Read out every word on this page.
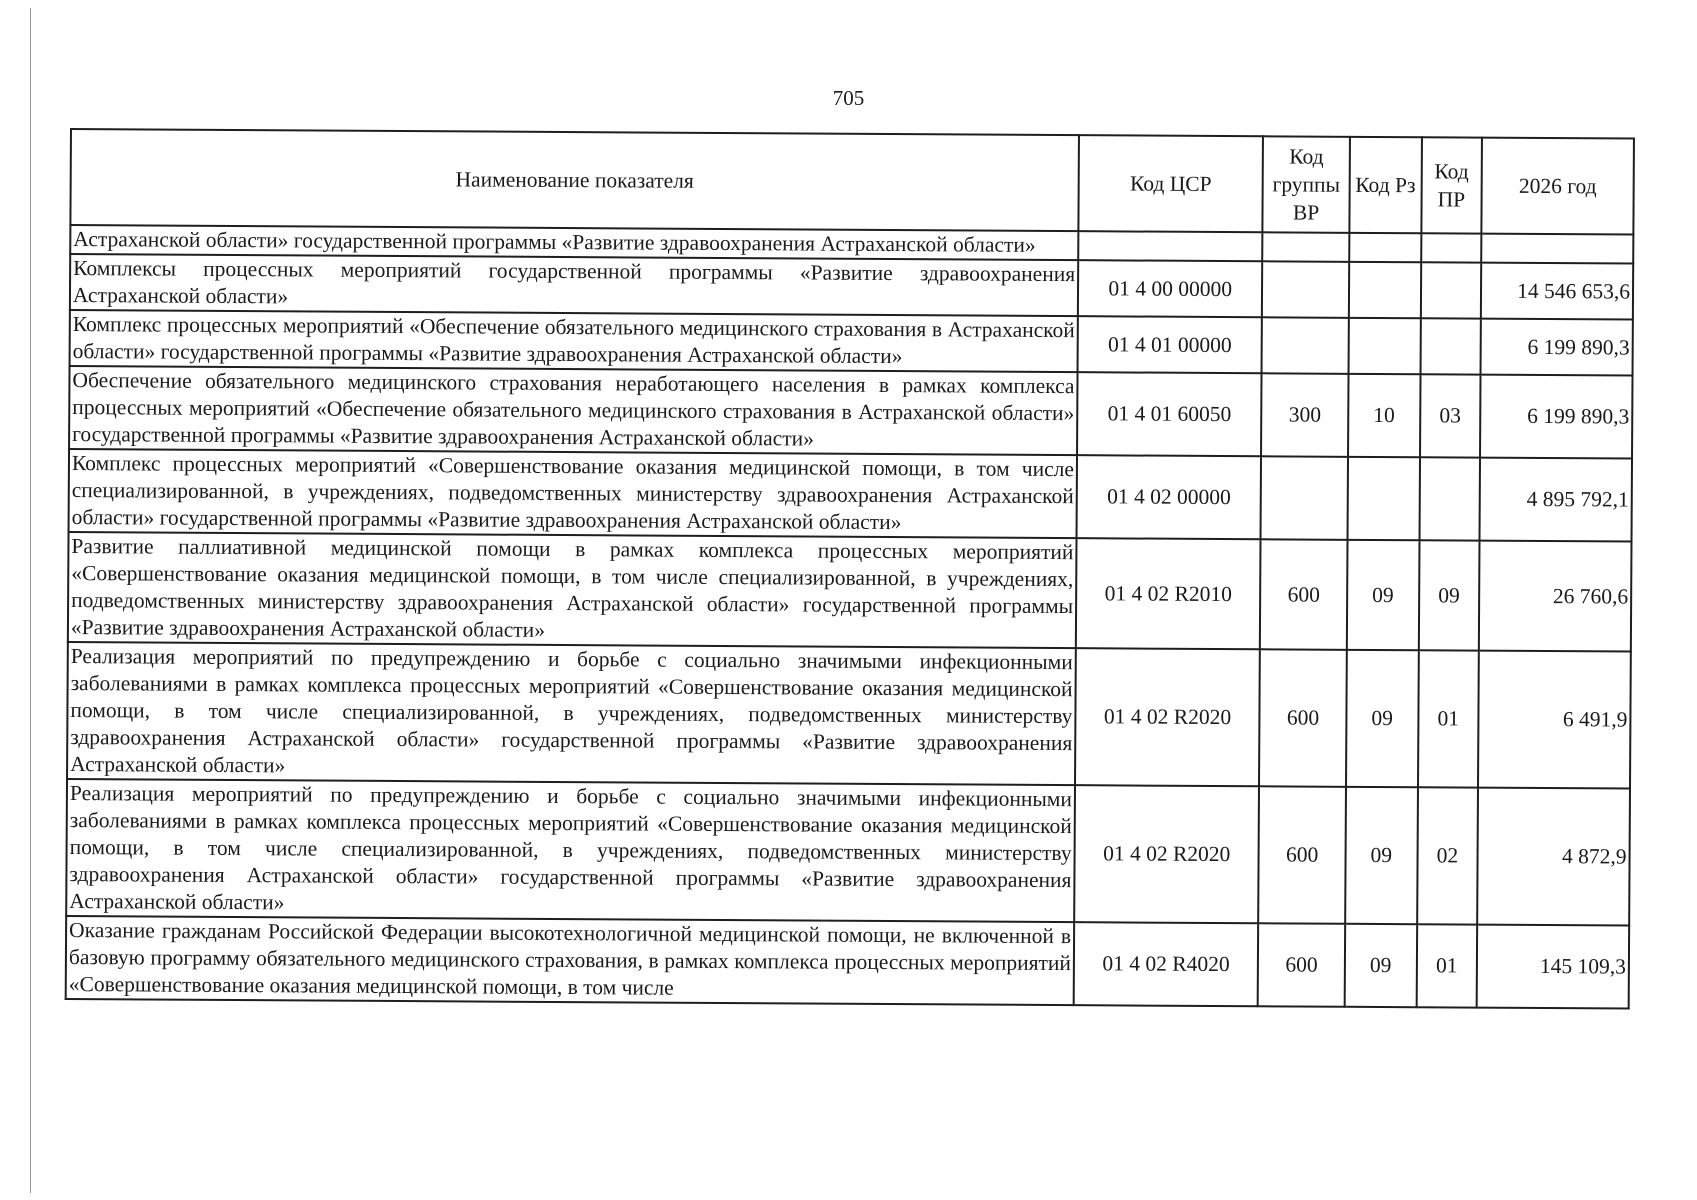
705
Наименование показателя	Код ЦСР	Код группы ВР	Код Рз	Код ПР	2026 год
Астраханской области» государственной программы «Развитие здравоохранения Астраханской области»					
Комплексы процессных мероприятий государственной программы «Развитие здравоохранения Астраханской области»	01 4 00 00000				14 546 653,6
Комплекс процессных мероприятий «Обеспечение обязательного медицинского страхования в Астраханской области» государственной программы «Развитие здравоохранения Астраханской области»	01 4 01 00000				6 199 890,3
Обеспечение обязательного медицинского страхования неработающего населения в рамках комплекса процессных мероприятий «Обеспечение обязательного медицинского страхования в Астраханской области» государственной программы «Развитие здравоохранения Астраханской области»	01 4 01 60050	300	10	03	6 199 890,3
Комплекс процессных мероприятий «Совершенствование оказания медицинской помощи, в том числе специализированной, в учреждениях, подведомственных министерству здравоохранения Астраханской области» государственной программы «Развитие здравоохранения Астраханской области»	01 4 02 00000				4 895 792,1
Развитие паллиативной медицинской помощи в рамках комплекса процессных мероприятий «Совершенствование оказания медицинской помощи, в том числе специализированной, в учреждениях, подведомственных министерству здравоохранения Астраханской области» государственной программы «Развитие здравоохранения Астраханской области»	01 4 02 R2010	600	09	09	26 760,6
Реализация мероприятий по предупреждению и борьбе с социально значимыми инфекционными заболеваниями в рамках комплекса процессных мероприятий «Совершенствование оказания медицинской помощи, в том числе специализированной, в учреждениях, подведомственных министерству здравоохранения Астраханской области» государственной программы «Развитие здравоохранения Астраханской области»	01 4 02 R2020	600	09	01	6 491,9
Реализация мероприятий по предупреждению и борьбе с социально значимыми инфекционными заболеваниями в рамках комплекса процессных мероприятий «Совершенствование оказания медицинской помощи, в том числе специализированной, в учреждениях, подведомственных министерству здравоохранения Астраханской области» государственной программы «Развитие здравоохранения Астраханской области»	01 4 02 R2020	600	09	02	4 872,9
Оказание гражданам Российской Федерации высокотехнологичной медицинской помощи, не включенной в базовую программу обязательного медицинского страхования, в рамках комплекса процессных мероприятий «Совершенствование оказания медицинской помощи, в том числе	01 4 02 R4020	600	09	01	145 109,3
